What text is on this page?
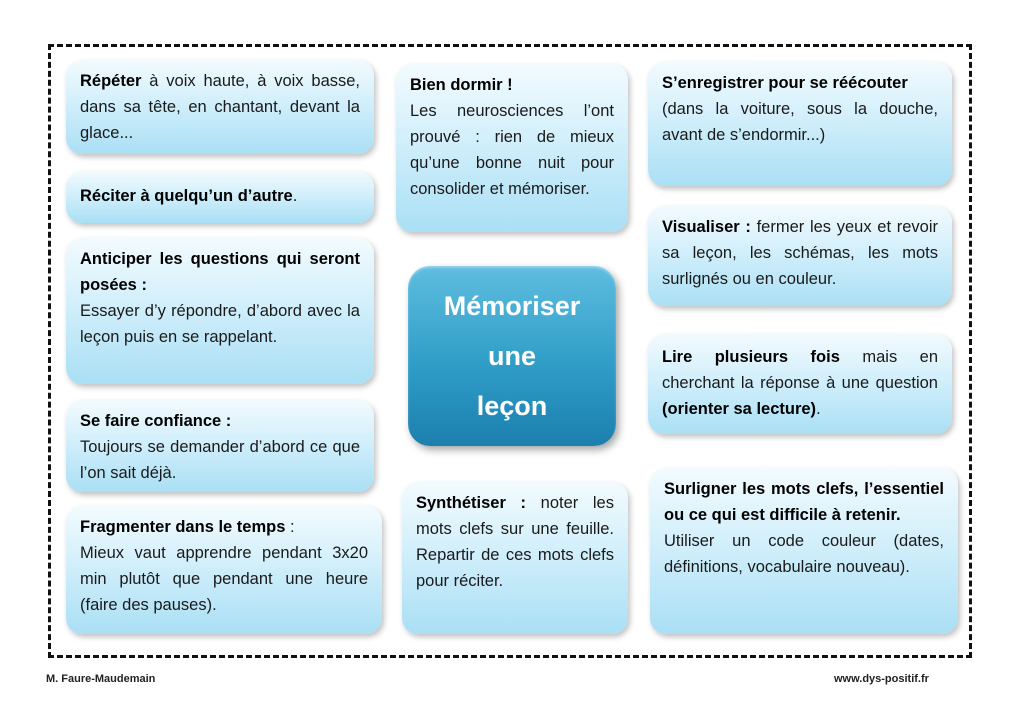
Répéter à voix haute, à voix basse, dans sa tête, en chantant, devant la glace...
Réciter à quelqu’un d’autre.
Anticiper les questions qui seront posées :
Essayer d’y répondre, d’abord avec la leçon puis en se rappelant.
Se faire confiance :
Toujours se demander d’abord ce que l’on sait déjà.
Fragmenter dans le temps :
Mieux vaut apprendre pendant 3x20 min plutôt que pendant une heure (faire des pauses).
Bien dormir !
Les neurosciences l’ont prouvé : rien de mieux qu’une bonne nuit pour consolider et mémoriser.
Mémoriser
une
leçon
Synthétiser : noter les mots clefs sur une feuille. Repartir de ces mots clefs pour réciter.
S’enregistrer pour se réécouter
(dans la voiture, sous la douche, avant de s’endormir...)
Visualiser : fermer les yeux et revoir sa leçon, les schémas, les mots surlignés ou en couleur.
Lire plusieurs fois mais en cherchant la réponse à une question (orienter sa lecture).
Surligner les mots clefs, l’essentiel ou ce qui est difficile à retenir.
Utiliser un code couleur (dates, définitions, vocabulaire nouveau).
M. Faure-Maudemain	www.dys-positif.fr
